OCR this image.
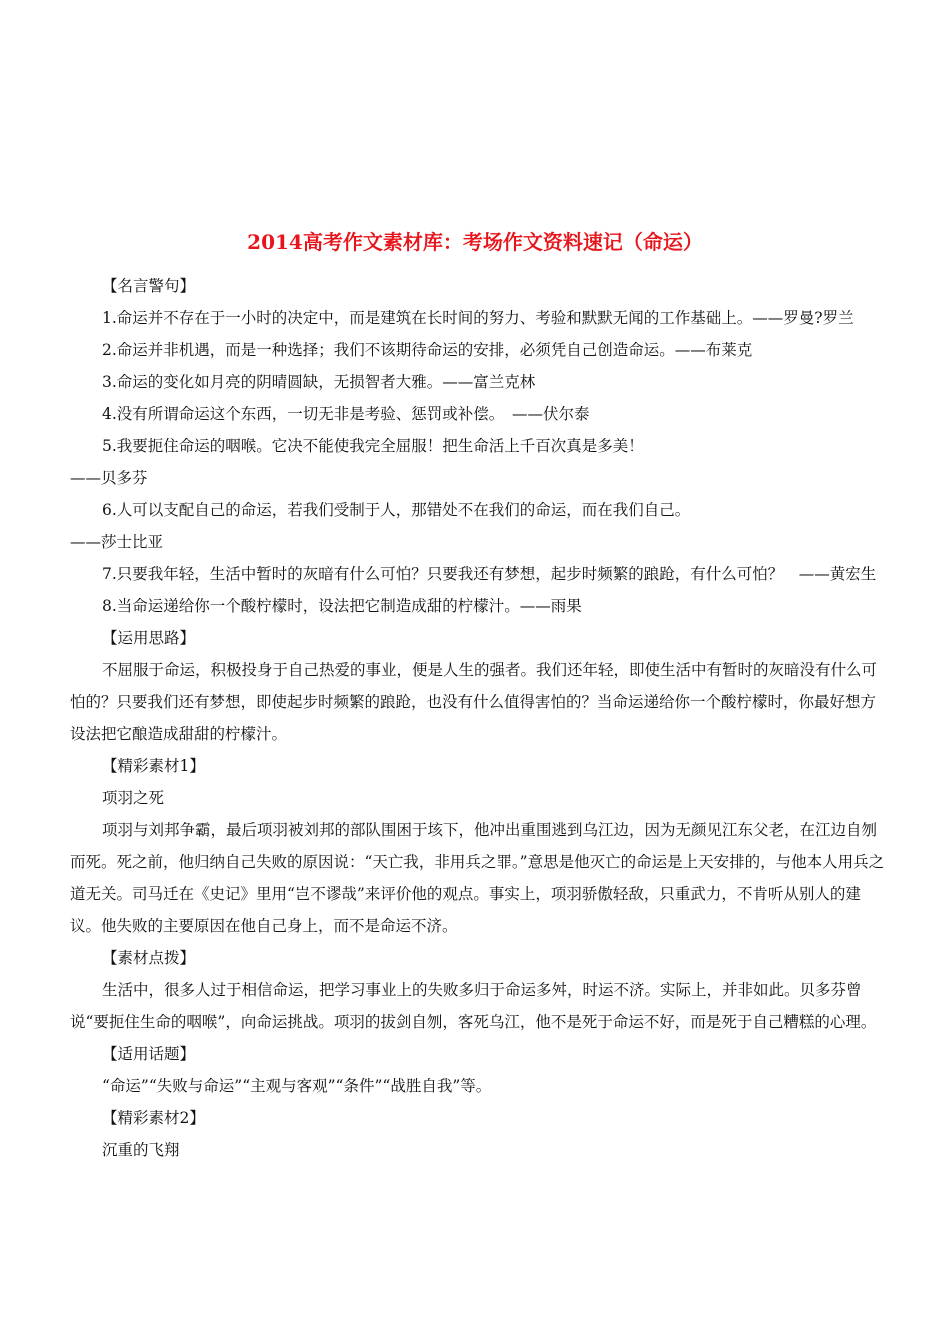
2014高考作文素材库：考场作文资料速记（命运）

【名言警句】

1.命运并不存在于一小时的决定中，而是建筑在长时间的努力、考验和默默无闻的工作基础上。——罗曼?罗兰

2.命运并非机遇，而是一种选择；我们不该期待命运的安排，必须凭自己创造命运。——布莱克

3.命运的变化如月亮的阴晴圆缺，无损智者大雅。——富兰克林

4.没有所谓命运这个东西，一切无非是考验、惩罚或补偿。　——伏尔泰

5.我要扼住命运的咽喉。它决不能使我完全屈服！把生命活上千百次真是多美！

——贝多芬

6.人可以支配自己的命运，若我们受制于人，那错处不在我们的命运，而在我们自己。

——莎士比亚

7.只要我年轻，生活中暂时的灰暗有什么可怕？只要我还有梦想，起步时频繁的踉跄，有什么可怕？　——黄宏生

8.当命运递给你一个酸柠檬时，设法把它制造成甜的柠檬汁。——雨果

【运用思路】

不屈服于命运，积极投身于自己热爱的事业，便是人生的强者。我们还年轻，即使生活中有暂时的灰暗没有什么可怕的？只要我们还有梦想，即使起步时频繁的踉跄，也没有什么值得害怕的？当命运递给你一个酸柠檬时，你最好想方设法把它酿造成甜甜的柠檬汁。

【精彩素材1】

项羽之死

项羽与刘邦争霸，最后项羽被刘邦的部队围困于垓下，他冲出重围逃到乌江边，因为无颜见江东父老，在江边自刎而死。死之前，他归纳自己失败的原因说：“天亡我，非用兵之罪。”意思是他灭亡的命运是上天安排的，与他本人用兵之道无关。司马迁在《史记》里用“岂不谬哉”来评价他的观点。事实上，项羽骄傲轻敌，只重武力，不肯听从别人的建议。他失败的主要原因在他自己身上，而不是命运不济。

【素材点拨】

生活中，很多人过于相信命运，把学习事业上的失败多归于命运多舛，时运不济。实际上，并非如此。贝多芬曾说“要扼住生命的咽喉”，向命运挑战。项羽的拔剑自刎，客死乌江，他不是死于命运不好，而是死于自己糟糕的心理。

【适用话题】

“命运”“失败与命运”“主观与客观”“条件”“战胜自我”等。

【精彩素材2】

沉重的飞翔
